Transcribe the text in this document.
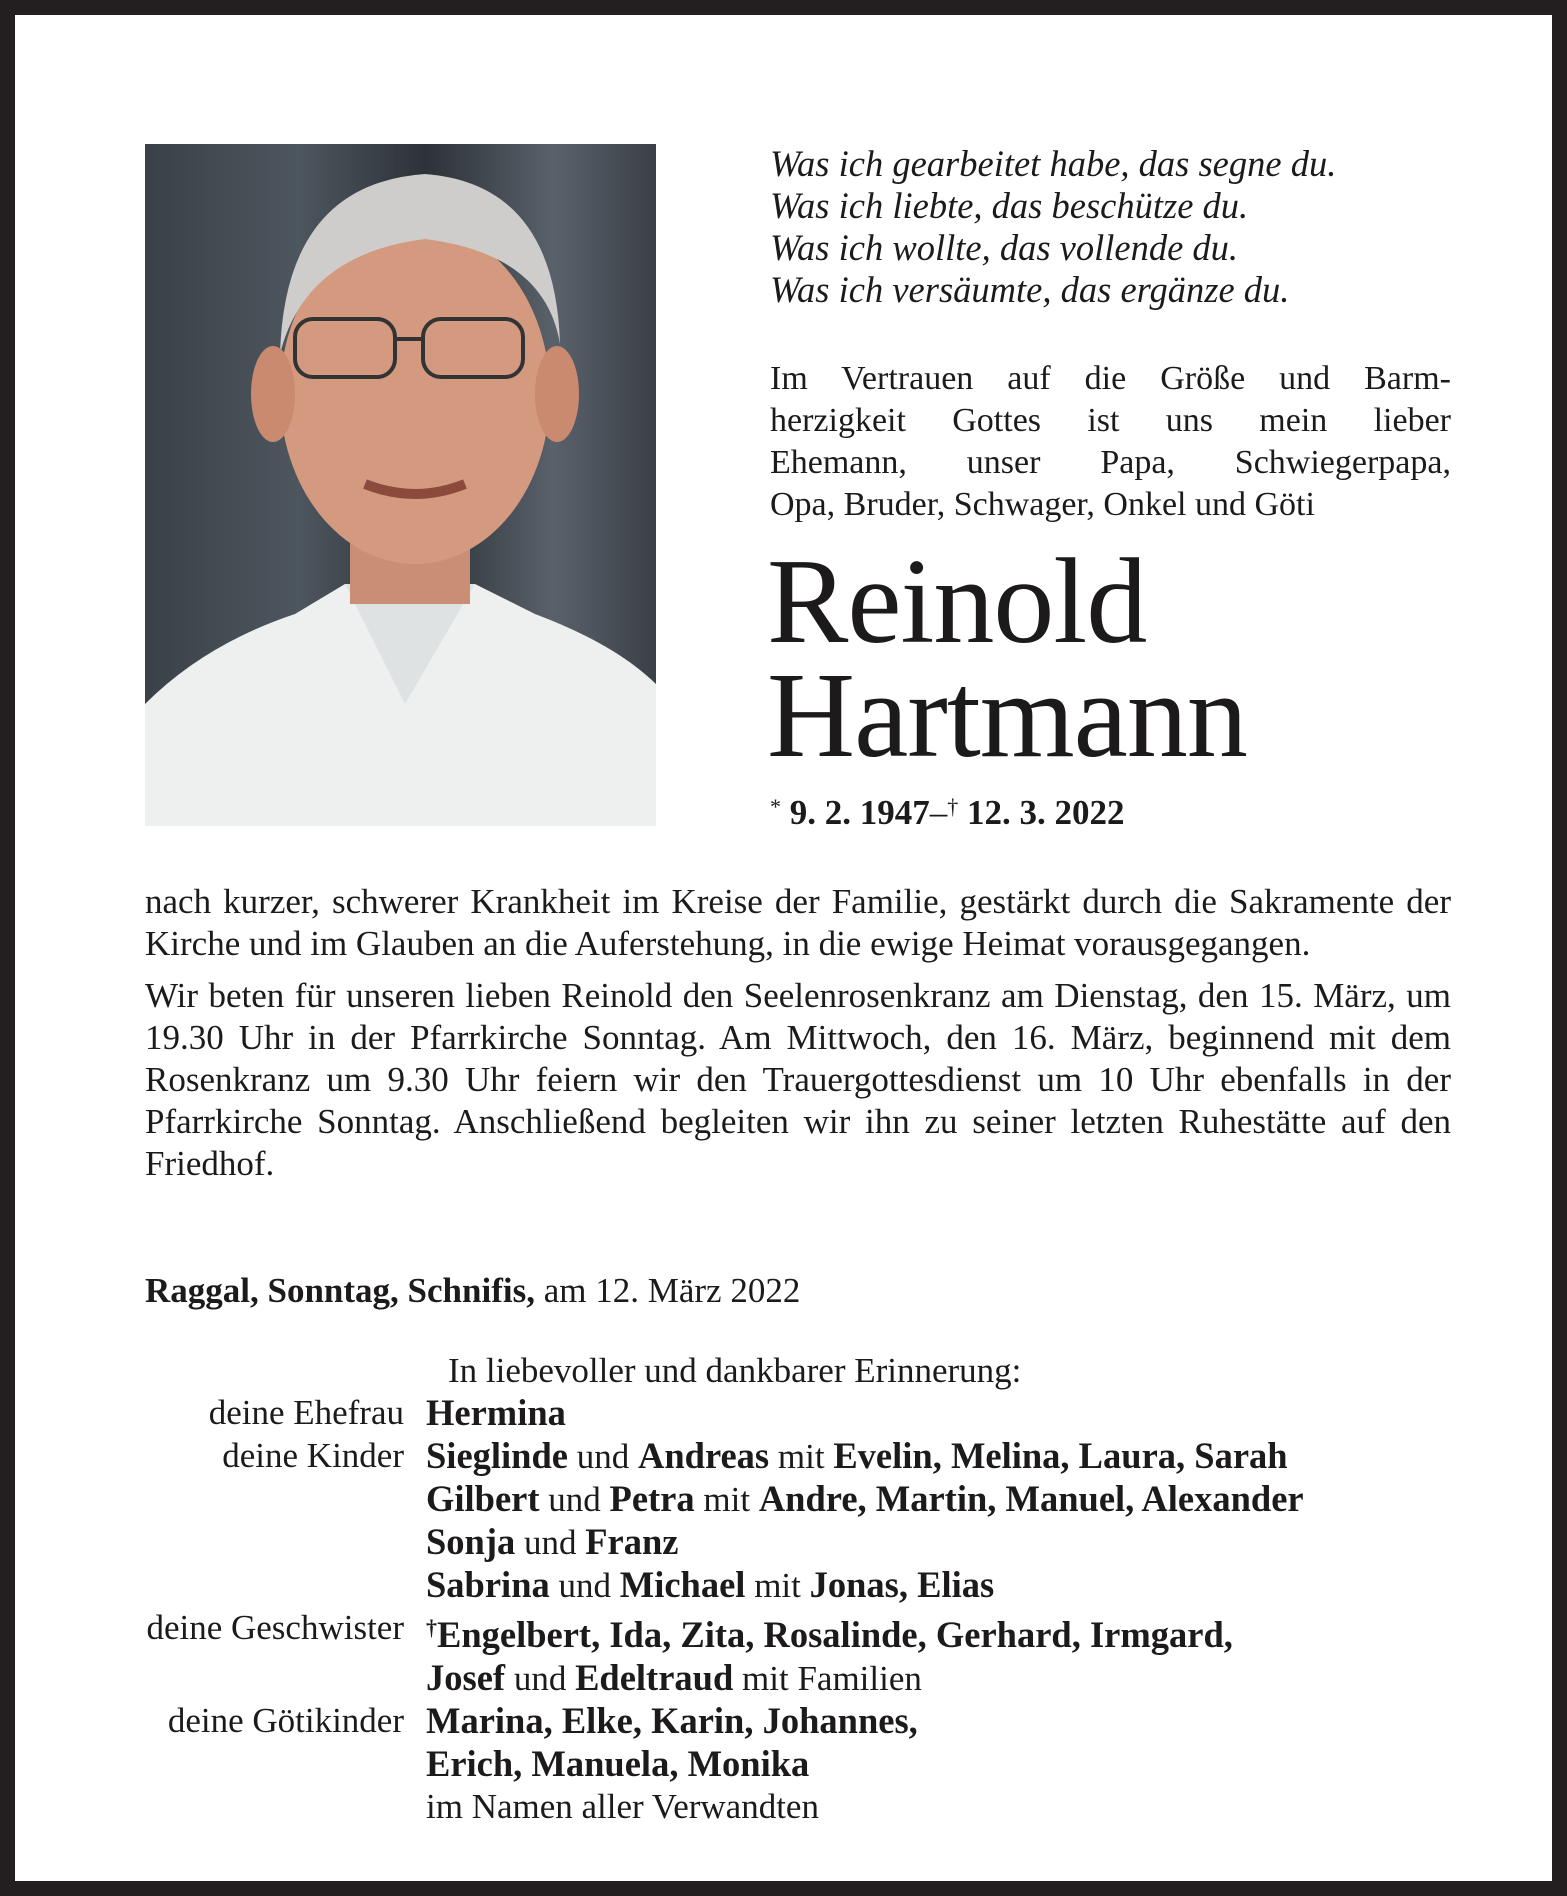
Was ich gearbeitet habe, das segne du.
Was ich liebte, das beschütze du.
Was ich wollte, das vollende du.
Was ich versäumte, das ergänze du.
Im Vertrauen auf die Größe und Barm-
herzigkeit Gottes ist uns mein lieber
Ehemann, unser Papa, Schwiegerpapa,
Opa, Bruder, Schwager, Onkel und Göti
Reinold
Hartmann
* 9. 2. 1947–† 12. 3. 2022

nach kurzer, schwerer Krankheit im Kreise der Familie, gestärkt durch die Sakramente der Kirche und im Glauben an die Auferstehung, in die ewige Heimat vorausgegangen.

Wir beten für unseren lieben Reinold den Seelenrosenkranz am Dienstag, den 15. März, um 19.30 Uhr in der Pfarrkirche Sonntag. Am Mittwoch, den 16. März, beginnend mit dem Rosenkranz um 9.30 Uhr feiern wir den Trauergottesdienst um 10 Uhr ebenfalls in der Pfarrkirche Sonntag. Anschließend begleiten wir ihn zu seiner letzten Ruhestätte auf den Friedhof.

Raggal, Sonntag, Schnifis, am 12. März 2022
In liebevoller und dankbarer Erinnerung:
deine Ehefrau Hermina
deine Kinder Sieglinde und Andreas mit Evelin, Melina, Laura, Sarah
Gilbert und Petra mit Andre, Martin, Manuel, Alexander
Sonja und Franz
Sabrina und Michael mit Jonas, Elias
deine Geschwister	†Engelbert, Ida, Zita, Rosalinde, Gerhard, Irmgard,
Josef und Edeltraud mit Familien
deine Götikinder Marina, Elke, Karin, Johannes,
Erich, Manuela, Monika
im Namen aller Verwandten
